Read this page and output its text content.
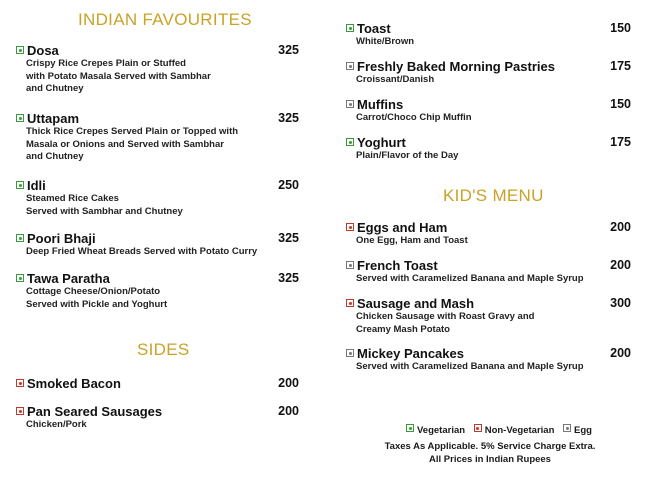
INDIAN FAVOURITES
SIDES
KID'S MENU
Dosa
Crispy Rice Crepes Plain or Stuffed
with Potato Masala Served with Sambhar
and Chutney
325
Uttapam
Thick Rice Crepes Served Plain or Topped with
Masala or Onions and Served with Sambhar
and Chutney
325
Idli
Steamed Rice Cakes
Served with Sambhar and Chutney
250
Poori Bhaji
Deep Fried Wheat Breads Served with Potato Curry
325
Tawa Paratha
Cottage Cheese/Onion/Potato
Served with Pickle and Yoghurt
325
Smoked Bacon	200
Pan Seared Sausages
Chicken/Pork
200
Toast
White/Brown
150
Freshly Baked Morning Pastries
Croissant/Danish
175
Muffins
Carrot/Choco Chip Muffin
150
Yoghurt
Plain/Flavor of the Day
175
Eggs and Ham
One Egg, Ham and Toast
200
French Toast
Served with Caramelized Banana and Maple Syrup
200
Sausage and Mash
Chicken Sausage with Roast Gravy and
Creamy Mash Potato
300
Mickey Pancakes
Served with Caramelized Banana and Maple Syrup
200
Vegetarian Non-Vegetarian Egg
Taxes As Applicable. 5% Service Charge Extra.
All Prices in Indian Rupees
